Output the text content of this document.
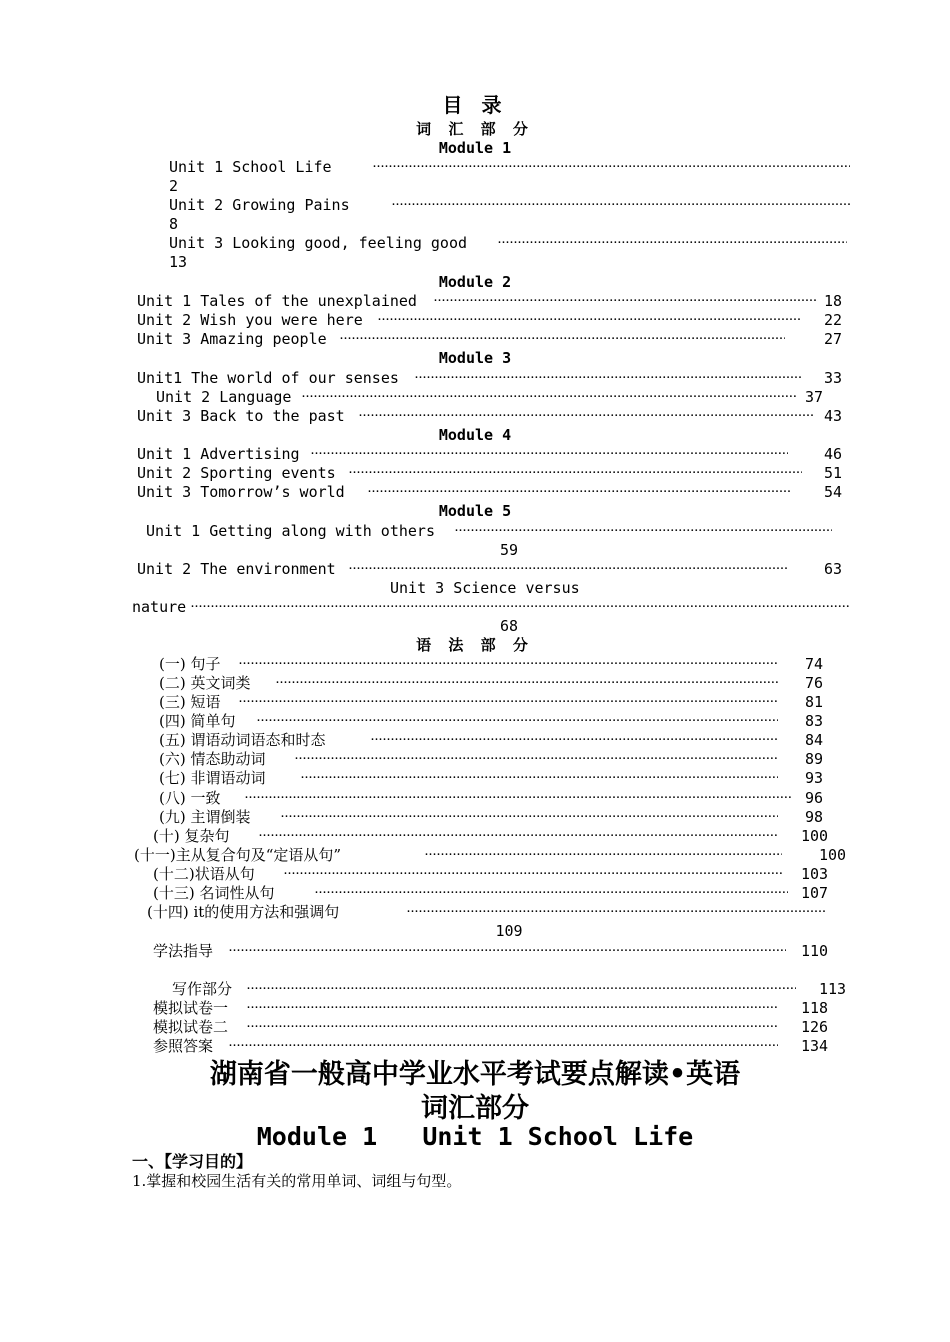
目 录
词 汇 部 分
Module 1
Unit 1 School Life
·····
2
Unit 2 Growing Pains
·····
8
Unit 3 Looking good, feeling good
·····
13
Module 2
Unit 1 Tales of the unexplained ·····	18
Unit 2 Wish you were here ·····	22
Unit 3 Amazing people ·····	27
Module 3
Unit1 The world of our senses ·····	33
Unit 2 Language ·····	37
Unit 3 Back to the past ·····	43
Module 4
Unit 1 Advertising ·····	46
Unit 2 Sporting events ·····	51
Unit 3 Tomorrow’s world ·····	54
Module 5
Unit 1 Getting along with others
·····
59
Unit 2 The environment ·····	63
Unit 3 Science versus
nature
·····
68
语 法 部 分
(一) 句子 ·····	74
(二) 英文词类 ·····	76
(三) 短语 ·····	81
(四) 简单句 ·····	83
(五) 谓语动词语态和时态 ·····	84
(六) 情态助动词 ·····	89
(七) 非谓语动词 ·····	93
(八) 一致 ·····	96
(九) 主谓倒装 ·····	98
(十) 复杂句 ·····	100
(十一)主从复合句及“定语从句” ·····	100
(十二)状语从句 ·····	103
(十三) 名词性从句 ·····	107
(十四) it的使用方法和强调句
·····
109
学法指导 ·····	110
写作部分 ·····	113
模拟试卷一 ·····	118
模拟试卷二 ·····	126
参照答案 ·····	134
湖南省一般高中学业水平考试要点解读•英语
词汇部分
Module 1   Unit 1 School Life
一、【学习目的】
1.掌握和校园生活有关的常用单词、词组与句型。
